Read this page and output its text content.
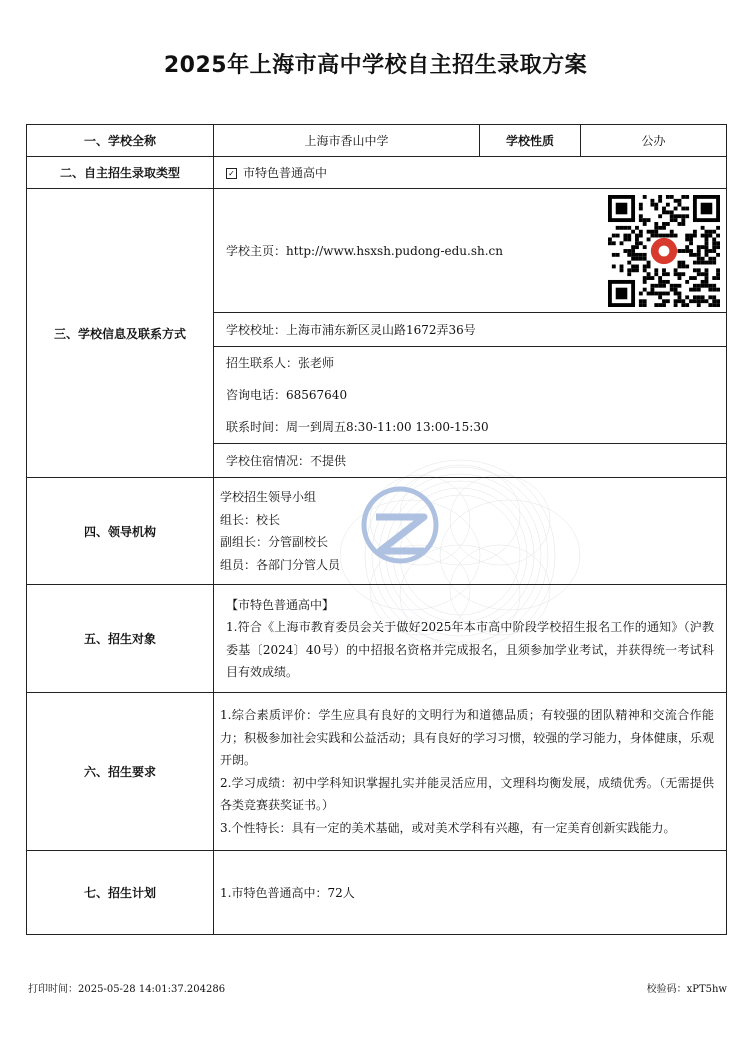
2025年上海市高中学校自主招生录取方案
一、学校全称	上海市香山中学	学校性质	公办
二、自主招生录取类型	✓ 市特色普通高中		
三、学校信息及联系方式	学校主页：http://www.hsxsh.pudong-edu.sh.cn		

	学校校址：上海市浦东新区灵山路1672弄36号		

	招生联系人：张老师
咨询电话：68567640
联系时间：周一到周五8:30-11:00 13:00-15:30		

	学校住宿情况：不提供		
四、领导机构	学校招生领导小组

组长：校长

副组长：分管副校长

组员：各部门分管人员		

五、招生对象	【市特色普通高中】

1.符合《上海市教育委员会关于做好2025年本市高中阶段学校招生报名工作的通知》（沪教委基〔2024〕40号）的中招报名资格并完成报名，且须参加学业考试，并获得统一考试科目有效成绩。		

六、招生要求	1.综合素质评价：学生应具有良好的文明行为和道德品质；有较强的团队精神和交流合作能力；积极参加社会实践和公益活动；具有良好的学习习惯，较强的学习能力，身体健康，乐观开朗。

2.学习成绩：初中学科知识掌握扎实并能灵活应用，文理科均衡发展，成绩优秀。（无需提供各类竞赛获奖证书。）

3.个性特长：具有一定的美术基础，或对美术学科有兴趣，有一定美育创新实践能力。		

七、招生计划	1.市特色普通高中：72人		
打印时间：2025-05-28 14:01:37.204286	校验码：xPT5hw
